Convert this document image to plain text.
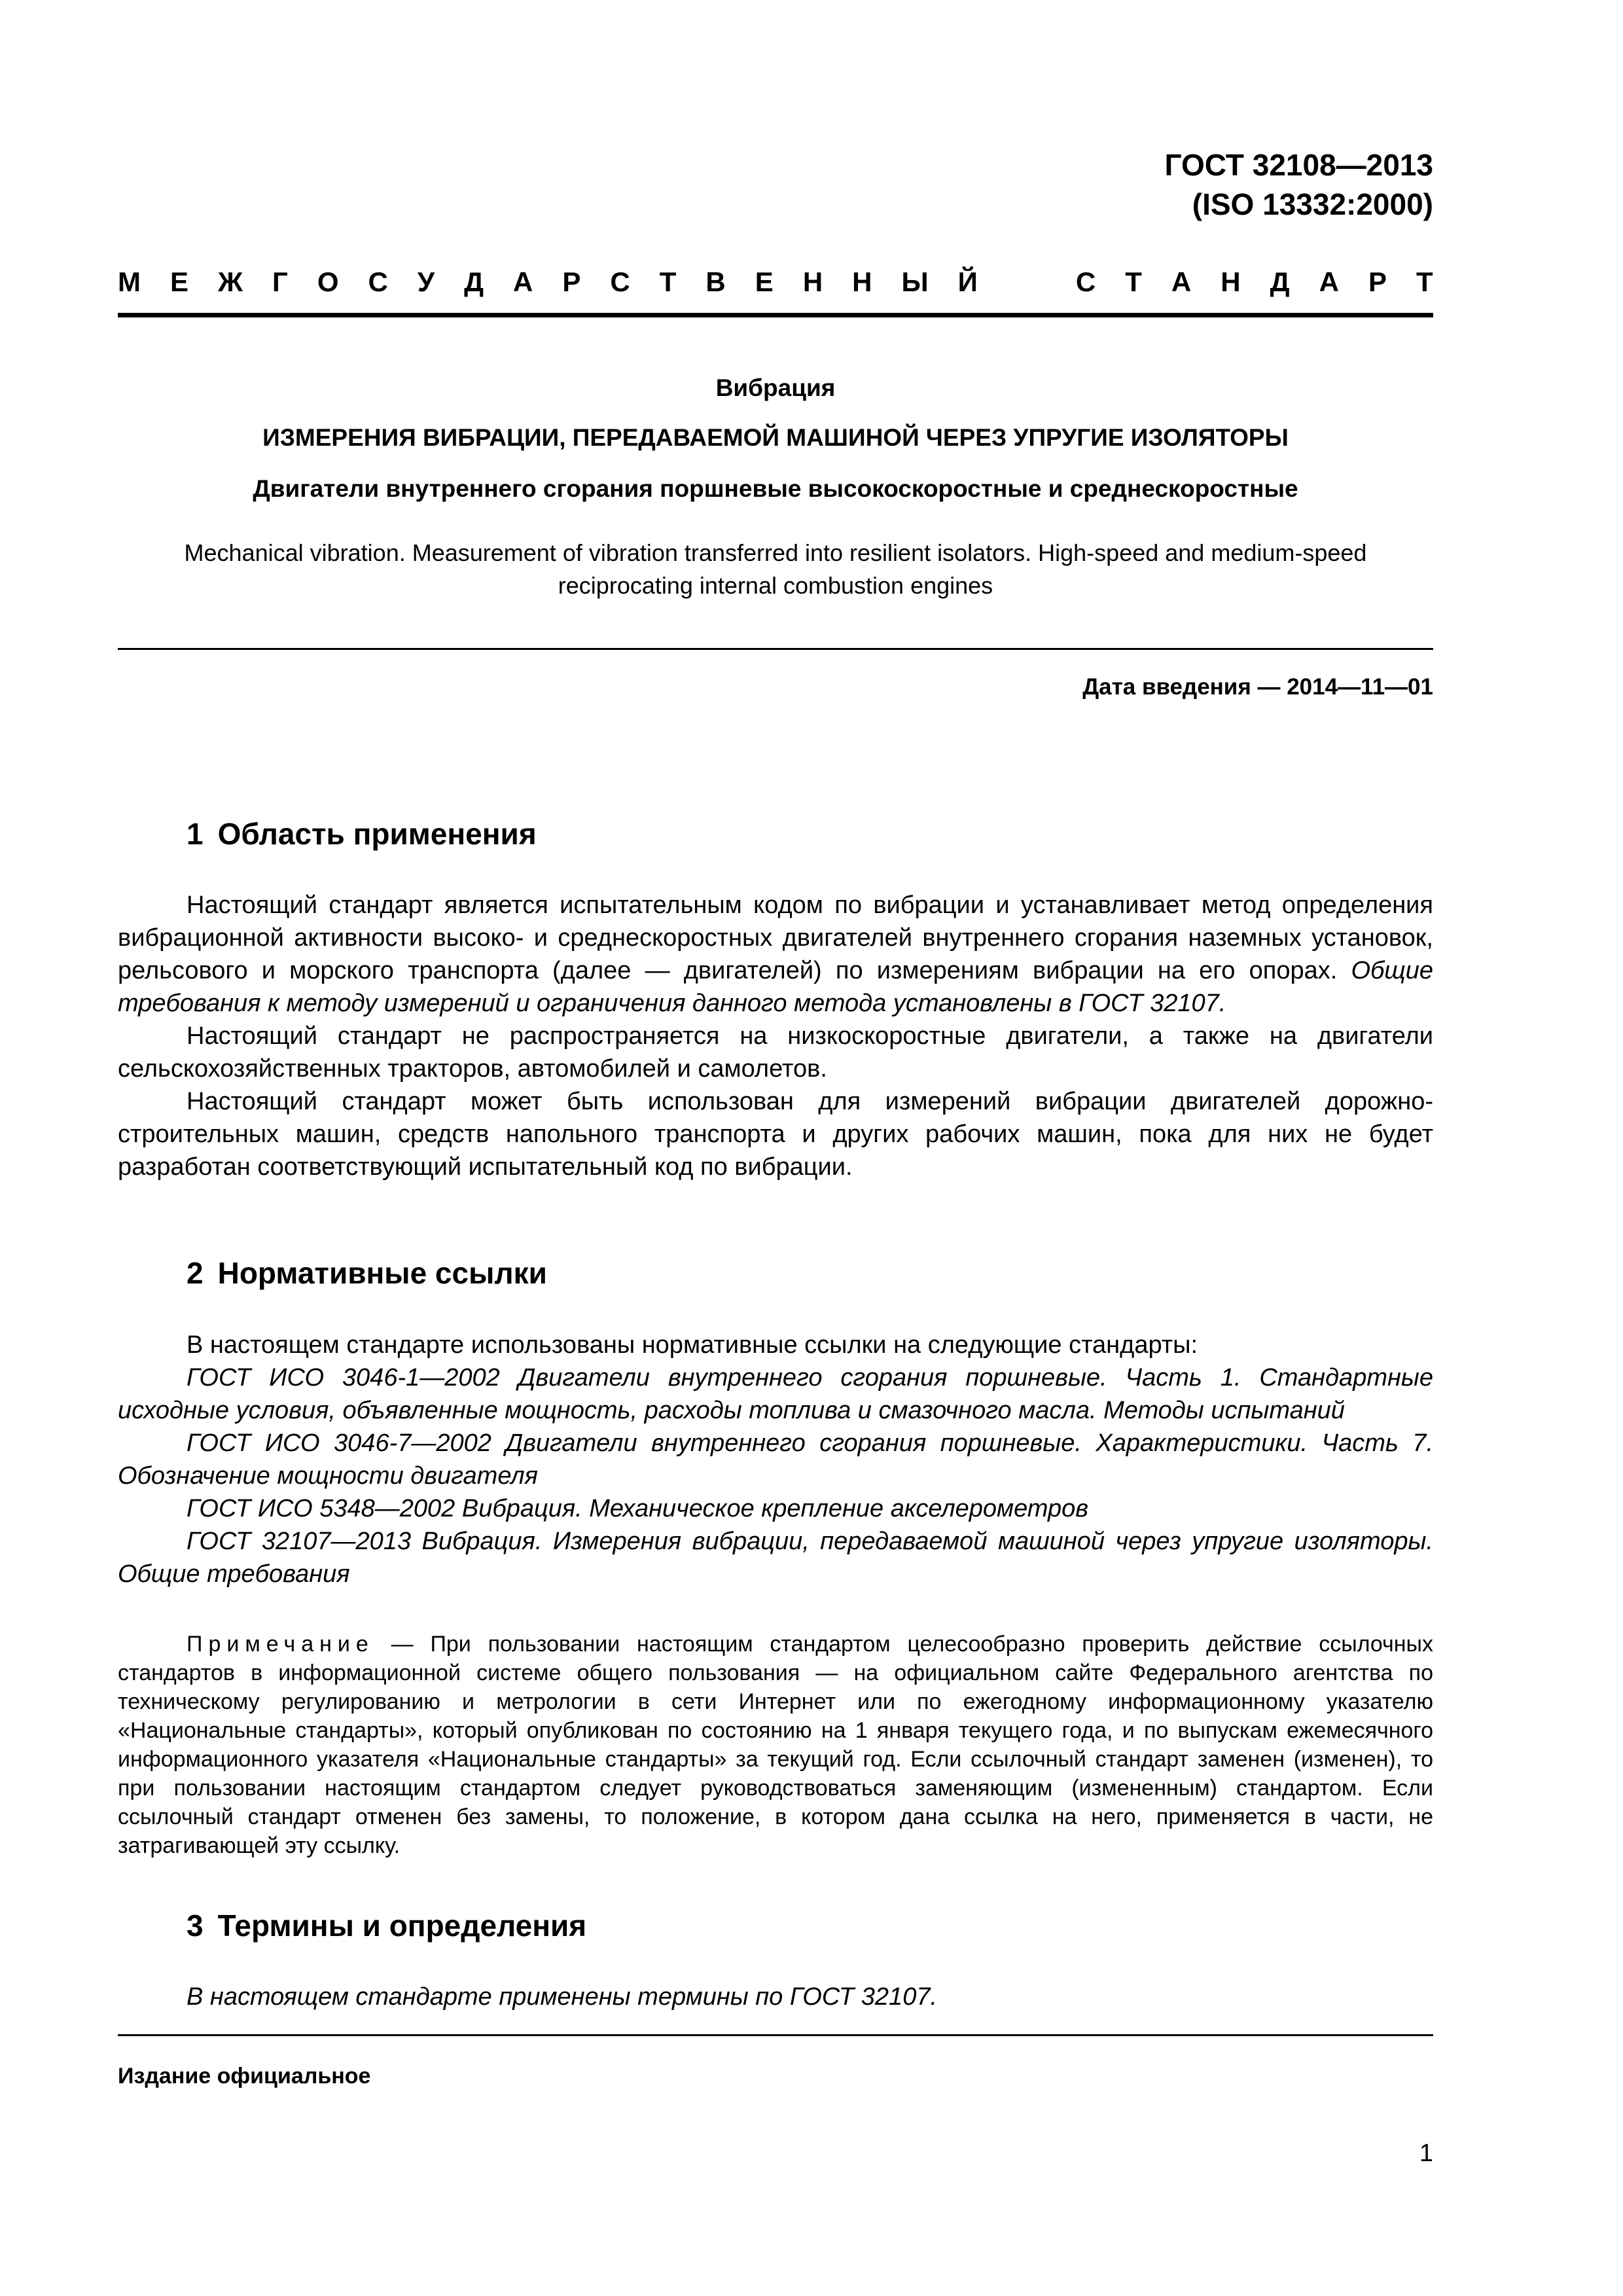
ГОСТ 32108—2013
(ISO 13332:2000)
М Е Ж Г О С У Д А Р С Т В Е Н Н Ы Й	С Т А Н Д А Р Т
Вибрация
ИЗМЕРЕНИЯ ВИБРАЦИИ, ПЕРЕДАВАЕМОЙ МАШИНОЙ ЧЕРЕЗ УПРУГИЕ ИЗОЛЯТОРЫ
Двигатели внутреннего сгорания поршневые высокоскоростные и среднескоростные
Mechanical vibration. Measurement of vibration transferred into resilient isolators. High-speed and medium-speed reciprocating internal combustion engines
Дата введения — 2014—11—01
1 Область применения

Настоящий стандарт является испытательным кодом по вибрации и устанавливает метод определения вибрационной активности высоко- и среднескоростных двигателей внутреннего сгорания наземных установок, рельсового и морского транспорта (далее — двигателей) по измерениям вибрации на его опорах. Общие требования к методу измерений и ограничения данного метода установлены в ГОСТ 32107.

Настоящий стандарт не распространяется на низкоскоростные двигатели, а также на двигатели сельскохозяйственных тракторов, автомобилей и самолетов.

Настоящий стандарт может быть использован для измерений вибрации двигателей дорожно-строительных машин, средств напольного транспорта и других рабочих машин, пока для них не будет разработан соответствующий испытательный код по вибрации.

2 Нормативные ссылки

В настоящем стандарте использованы нормативные ссылки на следующие стандарты:

ГОСТ ИСО 3046-1—2002 Двигатели внутреннего сгорания поршневые. Часть 1. Стандартные исходные условия, объявленные мощность, расходы топлива и смазочного масла. Методы испытаний

ГОСТ ИСО 3046-7—2002 Двигатели внутреннего сгорания поршневые. Характеристики. Часть 7. Обозначение мощности двигателя

ГОСТ ИСО 5348—2002 Вибрация. Механическое крепление акселерометров

ГОСТ 32107—2013 Вибрация. Измерения вибрации, передаваемой машиной через упругие изоляторы. Общие требования

Примечание — При пользовании настоящим стандартом целесообразно проверить действие ссылочных стандартов в информационной системе общего пользования — на официальном сайте Федерального агентства по техническому регулированию и метрологии в сети Интернет или по ежегодному информационному указателю «Национальные стандарты», который опубликован по состоянию на 1 января текущего года, и по выпускам ежемесячного информационного указателя «Национальные стандарты» за текущий год. Если ссылочный стандарт заменен (изменен), то при пользовании настоящим стандартом следует руководствоваться заменяющим (измененным) стандартом. Если ссылочный стандарт отменен без замены, то положение, в котором дана ссылка на него, применяется в части, не затрагивающей эту ссылку.

3 Термины и определения

В настоящем стандарте применены термины по ГОСТ 32107.

Издание официальное
1
